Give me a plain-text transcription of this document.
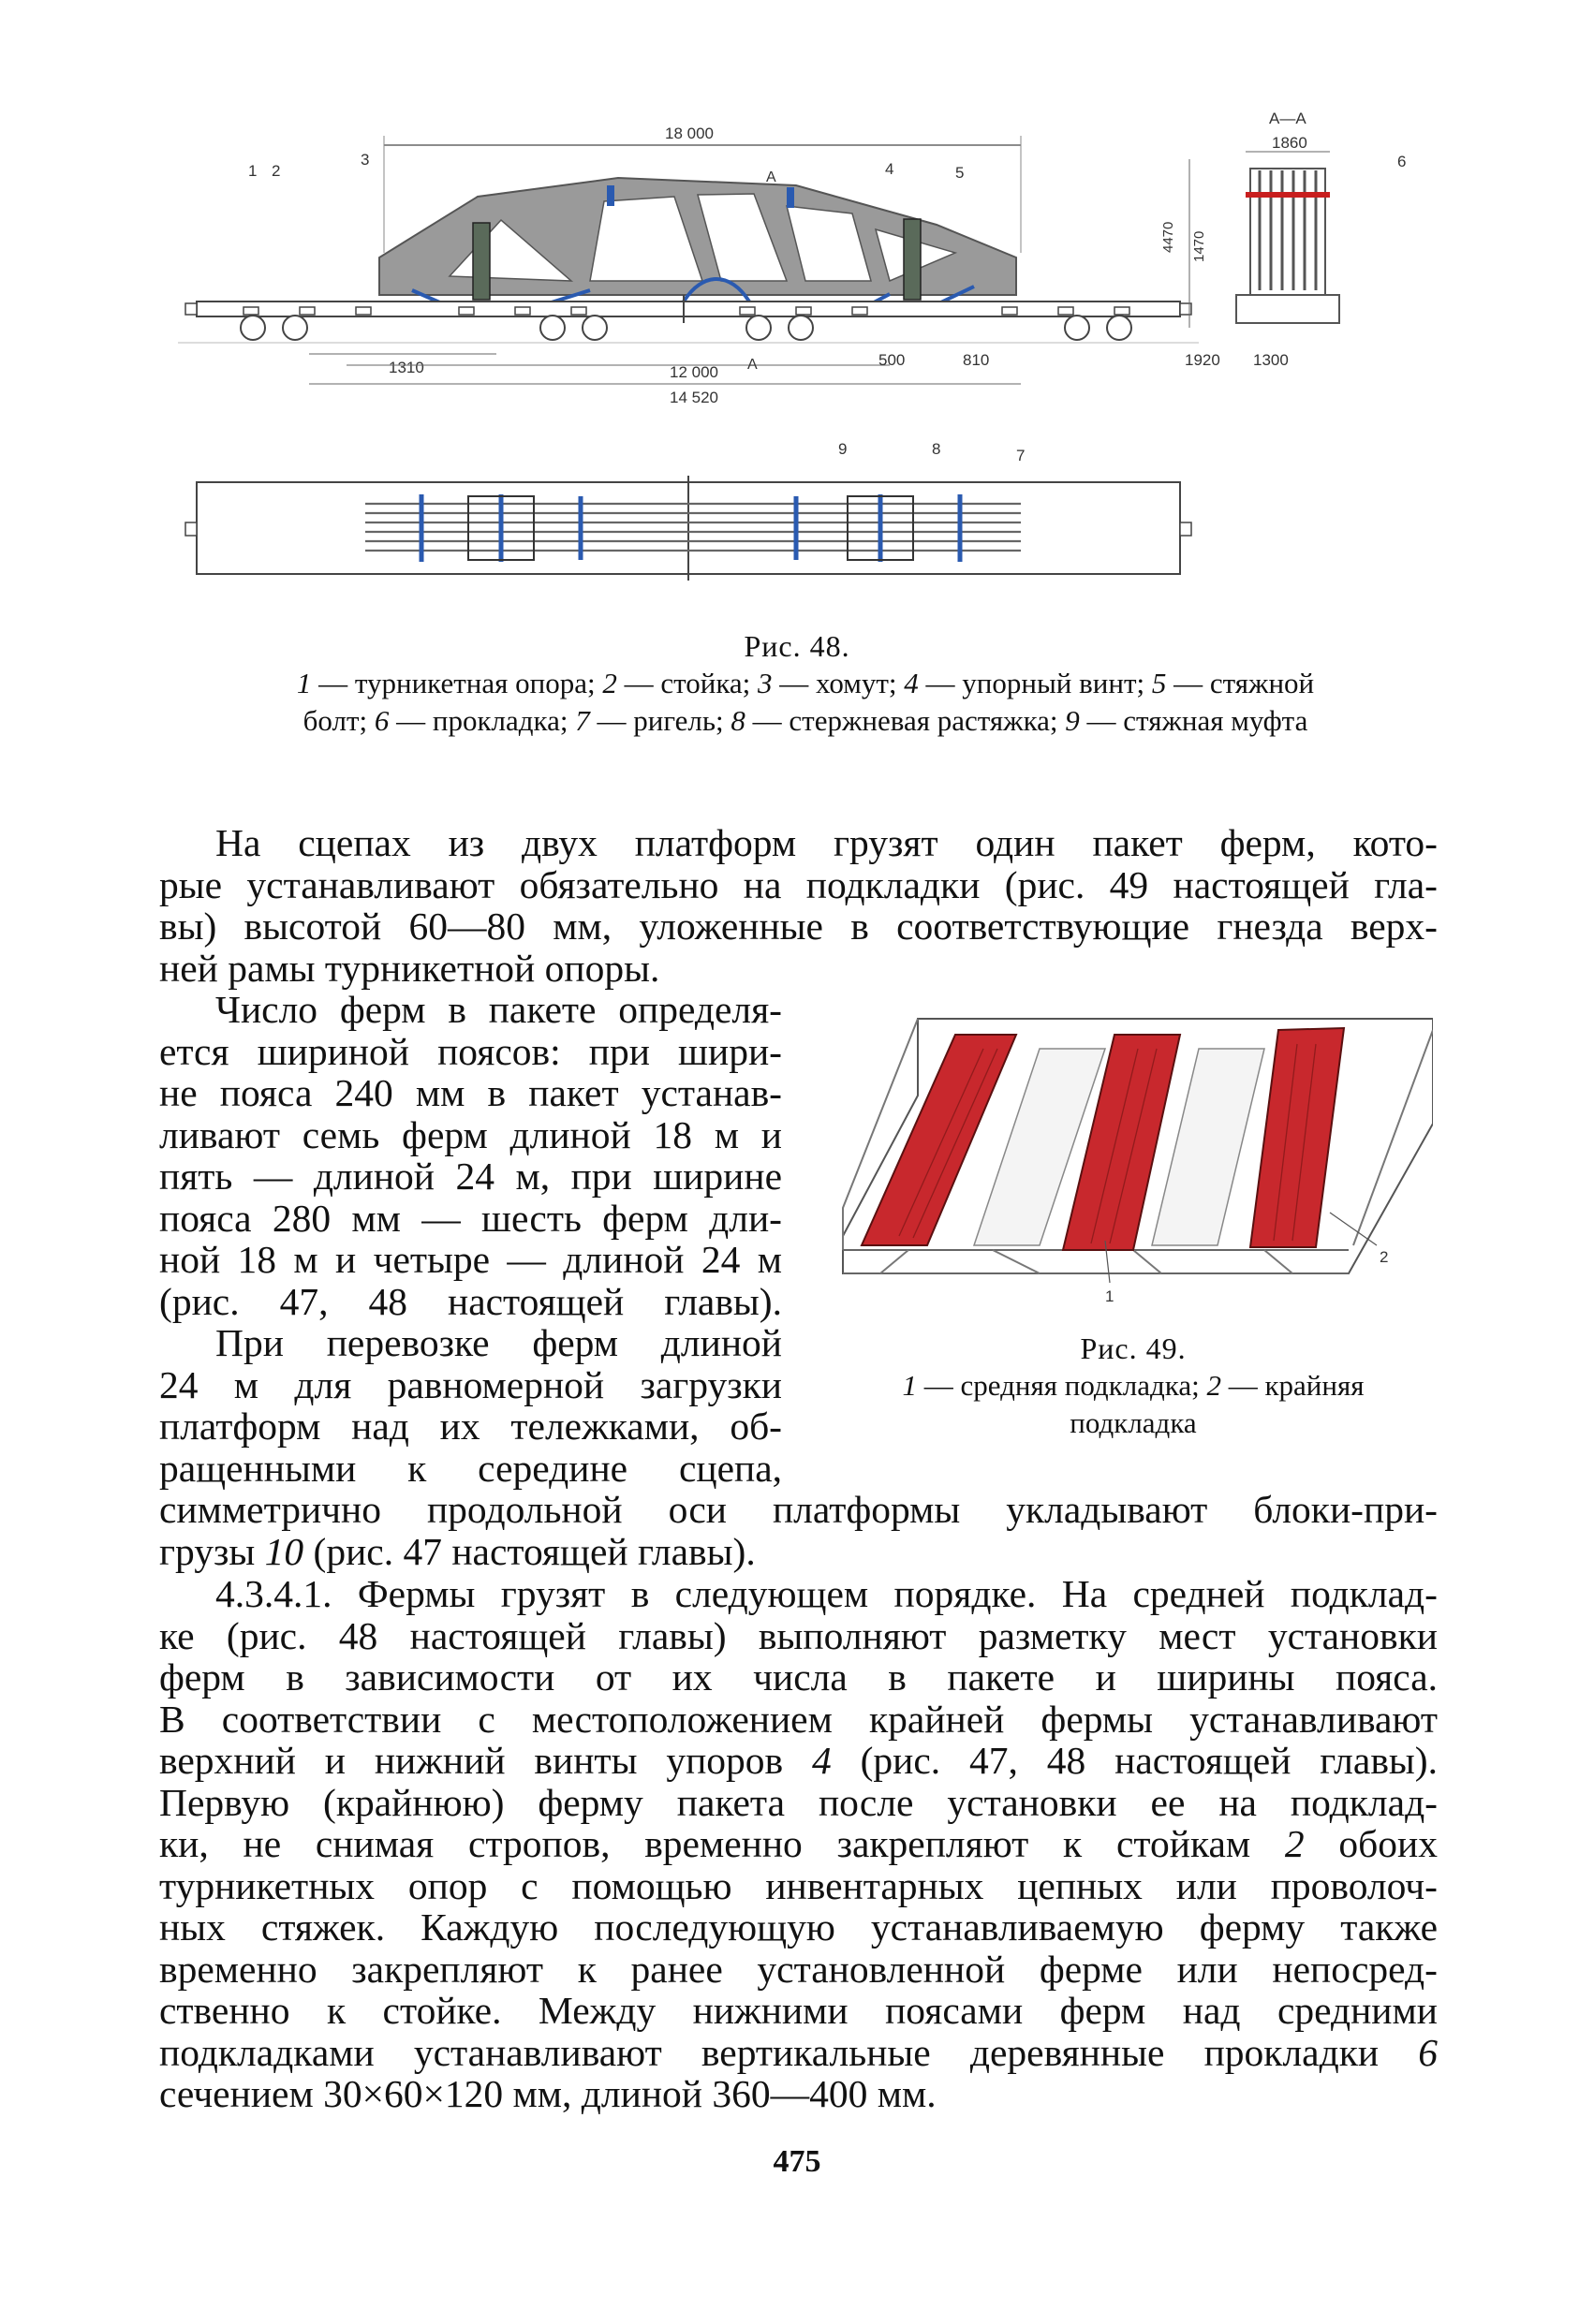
18 000
1 2
3
4	5
А
1310	12 000 А
14 520
500	810
А—А
1860
6
4470 1470
1920 1300
9	8	7
Рис. 48.
1 — турникетная опора; 2 — стойка; 3 — хомут; 4 — упорный винт; 5 — стяжной
болт; 6 — прокладка; 7 — ригель; 8 — стержневая растяжка; 9 — стяжная муфта
На сцепах из двух платформ грузят один пакет ферм, кото-
рые устанавливают обязательно на подкладки (рис. 49 настоящей гла-
вы) высотой 60—80 мм, уложенные в соответствующие гнезда верх-
ней рамы турникетной опоры.
Число ферм в пакете определя-
ется шириной поясов: при шири-
не пояса 240 мм в пакет устанав-
ливают семь ферм длиной 18 м и
пять — длиной 24 м, при ширине
пояса 280 мм — шесть ферм дли-
ной 18 м и четыре — длиной 24 м
(рис. 47, 48 настоящей главы).
При перевозке ферм длиной
24 м для равномерной загрузки
платформ над их тележками, об-
ращенными к середине сцепа,
1
2
Рис. 49.
1 — средняя подкладка; 2 — крайняя
подкладка
симметрично продольной оси платформы укладывают блоки-при-
грузы 10 (рис. 47 настоящей главы).
4.3.4.1. Фермы грузят в следующем порядке. На средней подклад-
ке (рис. 48 настоящей главы) выполняют разметку мест установки
ферм в зависимости от их числа в пакете и ширины пояса.
В соответствии с местоположением крайней фермы устанавливают
верхний и нижний винты упоров 4 (рис. 47, 48 настоящей главы).
Первую (крайнюю) ферму пакета после установки ее на подклад-
ки, не снимая стропов, временно закрепляют к стойкам 2 обоих
турникетных опор с помощью инвентарных цепных или проволоч-
ных стяжек. Каждую последующую устанавливаемую ферму также
временно закрепляют к ранее установленной ферме или непосред-
ственно к стойке. Между нижними поясами ферм над средними
подкладками устанавливают вертикальные деревянные прокладки 6
сечением 30×60×120 мм, длиной 360—400 мм.
475
